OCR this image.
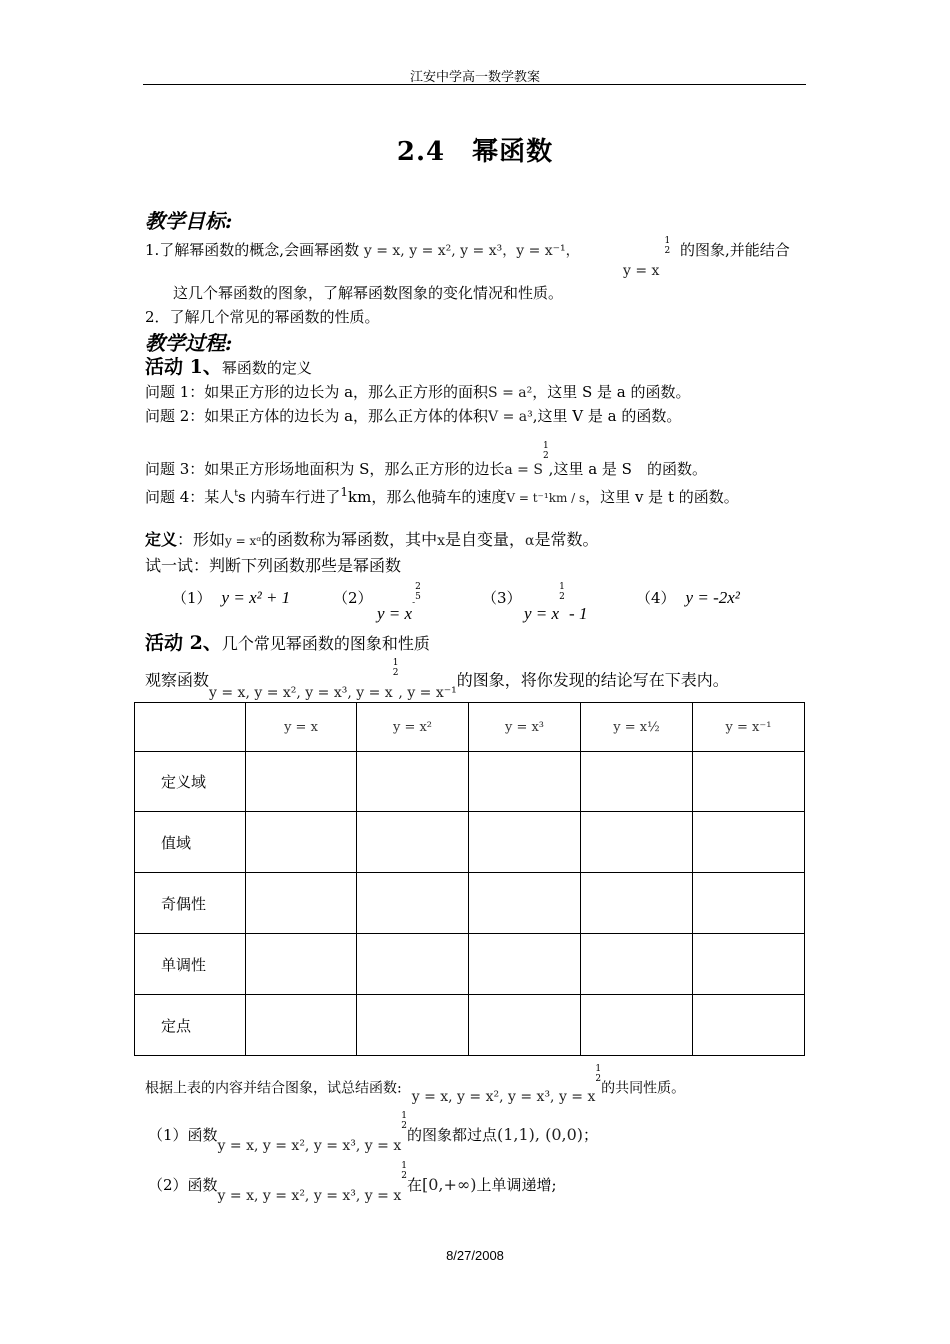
江安中学高一数学教案
2.4　幂函数
教学目标:
1.了解幂函数的概念,会画幂函数 y = x, y = x², y = x³，y = x⁻¹，
y = x 1
2 的图象,并能结合
这几个幂函数的图象，了解幂函数图象的变化情况和性质。
2．了解几个常见的幂函数的性质。
教学过程:
活动 1、幂函数的定义
问题 1：如果正方形的边长为 a，那么正方形的面积S = a²，这里 S 是 a 的函数。
问题 2：如果正方体的边长为 a，那么正方体的体积V = a³,这里 V 是 a 的函数。
问题 3：如果正方形场地面积为 S，那么正方形的边长a = S1
2,这里 a 是 S　的函数。
问题 4：某人$^t$s 内骑车行进了$^1$km，那么他骑车的速度V = t⁻¹km / s，这里 v 是 t 的函数。
定义：形如y = xᵅ的函数称为幂函数，其中x是自变量，α是常数。
试一试：判断下列函数那些是幂函数
（1） y = x² + 1	（2）
y = x-2
5	（3）
y = x1
2 - 1
（4） y = -2x²
活动 2、几个常见幂函数的图象和性质
观察函数y = x, y = x², y = x³, y = x1
2, y = x⁻¹的图象，将你发现的结论写在下表内。
	y = x	y = x²	y = x³	y = x½	y = x⁻¹
定义域					
值域					
奇偶性					
单调性					
定点					
根据上表的内容并结合图象，试总结函数: y = x, y = x², y = x³, y = x1
2的共同性质。
（1）函数y = x, y = x², y = x³, y = x1
2的图象都过点(1,1), (0,0)；
（2）函数y = x, y = x², y = x³, y = x1
2在[0,+∞)上单调递增;
8/27/2008
